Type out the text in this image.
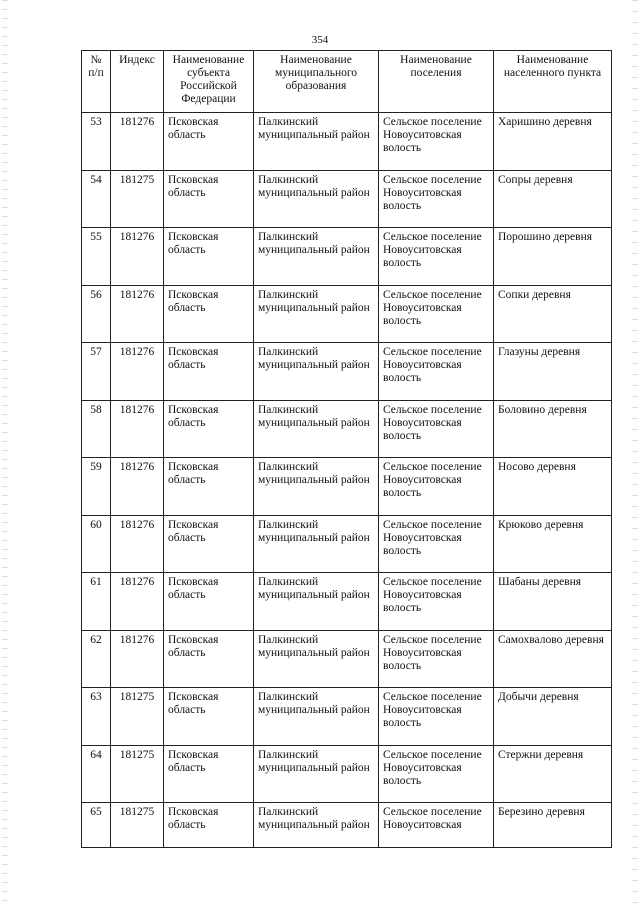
354
№
п/п	Индекс	Наименование субъекта Российской Федерации	Наименование муниципального образования	Наименование поселения	Наименование населенного пункта
53	181276	Псковская область	Палкинский муниципальный район	Сельское поселение Новоуситовская волость	Харишино деревня
54	181275	Псковская область	Палкинский муниципальный район	Сельское поселение Новоуситовская волость	Сопры деревня
55	181276	Псковская область	Палкинский муниципальный район	Сельское поселение Новоуситовская волость	Порошино деревня
56	181276	Псковская область	Палкинский муниципальный район	Сельское поселение Новоуситовская волость	Сопки деревня
57	181276	Псковская область	Палкинский муниципальный район	Сельское поселение Новоуситовская волость	Глазуны деревня
58	181276	Псковская область	Палкинский муниципальный район	Сельское поселение Новоуситовская волость	Боловино деревня
59	181276	Псковская область	Палкинский муниципальный район	Сельское поселение Новоуситовская волость	Носово деревня
60	181276	Псковская область	Палкинский муниципальный район	Сельское поселение Новоуситовская волость	Крюково деревня
61	181276	Псковская область	Палкинский муниципальный район	Сельское поселение Новоуситовская волость	Шабаны деревня
62	181276	Псковская область	Палкинский муниципальный район	Сельское поселение Новоуситовская волость	Самохвалово деревня
63	181275	Псковская область	Палкинский муниципальный район	Сельское поселение Новоуситовская волость	Добычи деревня
64	181275	Псковская область	Палкинский муниципальный район	Сельское поселение Новоуситовская волость	Стержни деревня
65	181275	Псковская область	Палкинский муниципальный район	Сельское поселение Новоуситовская	Березино деревня
